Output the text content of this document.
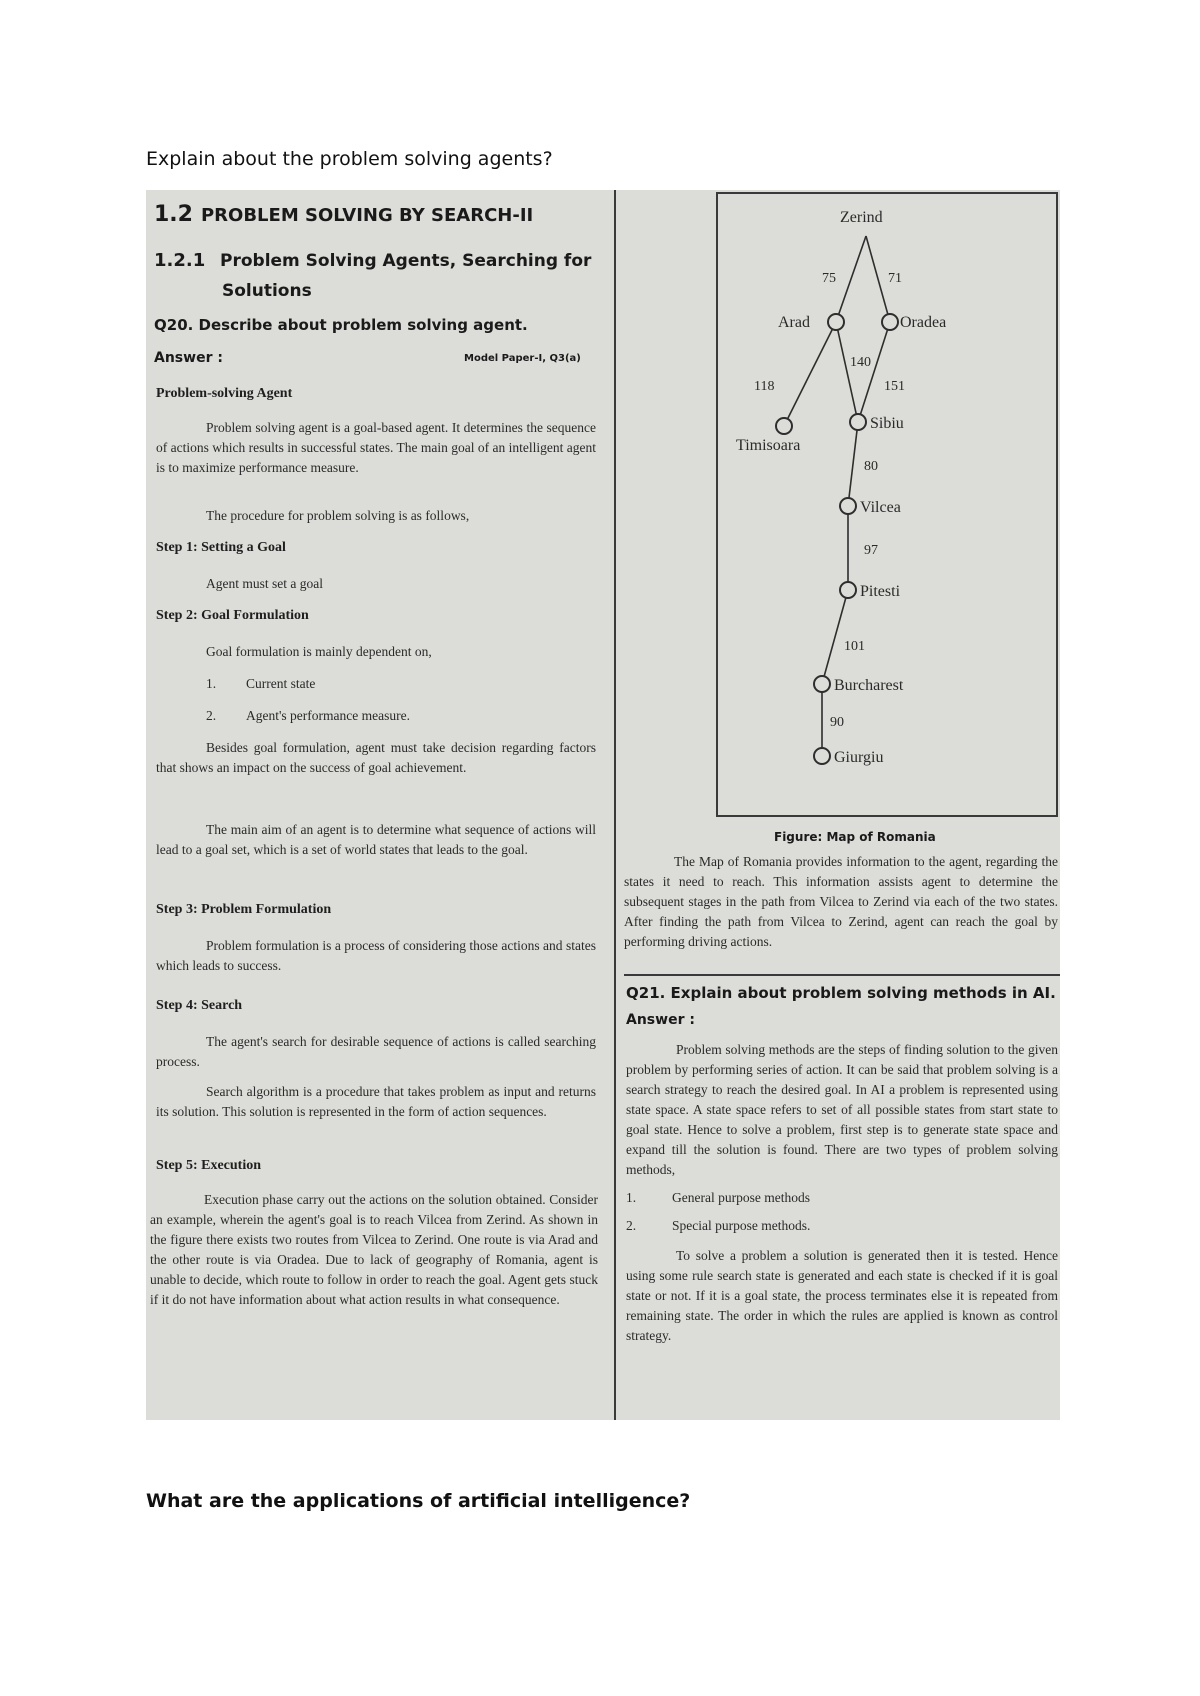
Explain about the problem solving agents?
1.2 PROBLEM SOLVING BY SEARCH-II
1.2.1 Problem Solving Agents, Searching for
Solutions
Q20. Describe about problem solving agent.
Answer :	Model Paper-I, Q3(a)
Problem-solving Agent
Problem solving agent is a goal-based agent. It determines the sequence of actions which results in successful states. The main goal of an intelligent agent is to maximize performance measure.
The procedure for problem solving is as follows,
Step 1: Setting a Goal
Agent must set a goal
Step 2: Goal Formulation
Goal formulation is mainly dependent on,
1. Current state
2. Agent's performance measure.
Besides goal formulation, agent must take decision regarding factors that shows an impact on the success of goal achievement.
The main aim of an agent is to determine what sequence of actions will lead to a goal set, which is a set of world states that leads to the goal.
Step 3: Problem Formulation
Problem formulation is a process of considering those actions and states which leads to success.
Step 4: Search
The agent's search for desirable sequence of actions is called searching process.
Search algorithm is a procedure that takes problem as input and returns its solution. This solution is represented in the form of action sequences.
Step 5: Execution
Execution phase carry out the actions on the solution obtained. Consider an example, wherein the agent's goal is to reach Vilcea from Zerind. As shown in the figure there exists two routes from Vilcea to Zerind. One route is via Arad and the other route is via Oradea. Due to lack of geography of Romania, agent is unable to decide, which route to follow in order to reach the goal. Agent gets stuck if it do not have information about what action results in what consequence.
Zerind
Arad	Oradea
Timisoara
Sibiu
Vilcea
Pitesti
Burcharest
Giurgiu
75	71
140
118	151
80
97
101
90
Figure: Map of Romania
The Map of Romania provides information to the agent, regarding the states it need to reach. This information assists agent to determine the subsequent stages in the path from Vilcea to Zerind via each of the two states. After finding the path from Vilcea to Zerind, agent can reach the goal by performing driving actions.
Q21. Explain about problem solving methods in AI.
Answer :
Problem solving methods are the steps of finding solution to the given problem by performing series of action. It can be said that problem solving is a search strategy to reach the desired goal. In AI a problem is represented using state space. A state space refers to set of all possible states from start state to goal state. Hence to solve a problem, first step is to generate state space and expand till the solution is found. There are two types of problem solving methods,
1.	General purpose methods
2.	Special purpose methods.
To solve a problem a solution is generated then it is tested. Hence using some rule search state is generated and each state is checked if it is goal state or not. If it is a goal state, the process terminates else it is repeated from remaining state. The order in which the rules are applied is known as control strategy.
What are the applications of artificial intelligence?
